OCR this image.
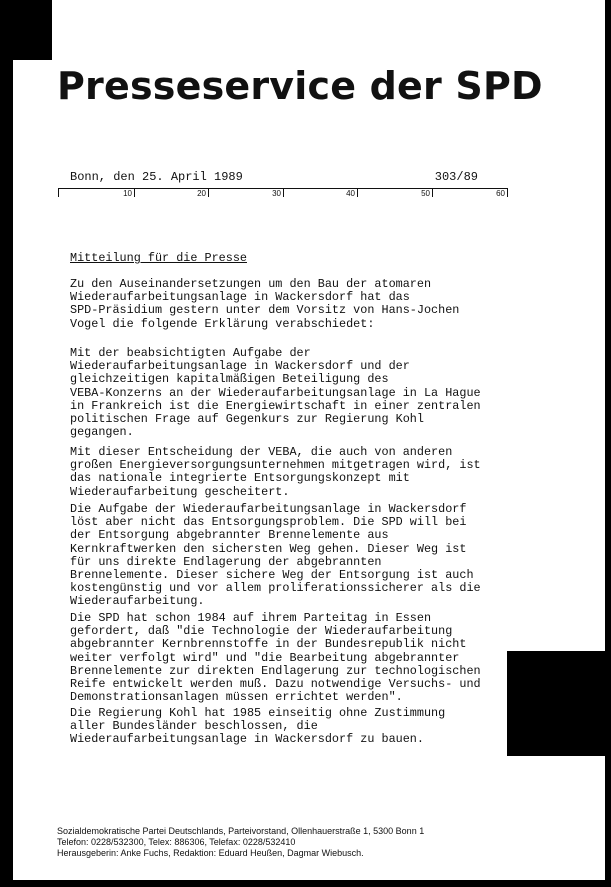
Presseservice der SPD
Bonn, den 25. April 1989	303/89
10	20	30	40	50	60
Mitteilung für die Presse
Zu den Auseinandersetzungen um den Bau der atomaren
Wiederaufarbeitungsanlage in Wackersdorf hat das
SPD-Präsidium gestern unter dem Vorsitz von Hans-Jochen
Vogel die folgende Erklärung verabschiedet:
Mit der beabsichtigten Aufgabe der
Wiederaufarbeitungsanlage in Wackersdorf und der
gleichzeitigen kapitalmäßigen Beteiligung des
VEBA-Konzerns an der Wiederaufarbeitungsanlage in La Hague
in Frankreich ist die Energiewirtschaft in einer zentralen
politischen Frage auf Gegenkurs zur Regierung Kohl
gegangen.
Mit dieser Entscheidung der VEBA, die auch von anderen
großen Energieversorgungsunternehmen mitgetragen wird, ist
das nationale integrierte Entsorgungskonzept mit
Wiederaufarbeitung gescheitert.
Die Aufgabe der Wiederaufarbeitungsanlage in Wackersdorf
löst aber nicht das Entsorgungsproblem. Die SPD will bei
der Entsorgung abgebrannter Brennelemente aus
Kernkraftwerken den sichersten Weg gehen. Dieser Weg ist
für uns direkte Endlagerung der abgebrannten
Brennelemente. Dieser sichere Weg der Entsorgung ist auch
kostengünstig und vor allem proliferationssicherer als die
Wiederaufarbeitung.
Die SPD hat schon 1984 auf ihrem Parteitag in Essen
gefordert, daß "die Technologie der Wiederaufarbeitung
abgebrannter Kernbrennstoffe in der Bundesrepublik nicht
weiter verfolgt wird" und "die Bearbeitung abgebrannter
Brennelemente zur direkten Endlagerung zur technologischen
Reife entwickelt werden muß. Dazu notwendige Versuchs- und
Demonstrationsanlagen müssen errichtet werden".
Die Regierung Kohl hat 1985 einseitig ohne Zustimmung
aller Bundesländer beschlossen, die
Wiederaufarbeitungsanlage in Wackersdorf zu bauen.
Sozialdemokratische Partei Deutschlands, Parteivorstand, Ollenhauerstraße 1, 5300 Bonn 1
Telefon: 0228/532300, Telex: 886306, Telefax: 0228/532410
Herausgeberin: Anke Fuchs, Redaktion: Eduard Heußen, Dagmar Wiebusch.
